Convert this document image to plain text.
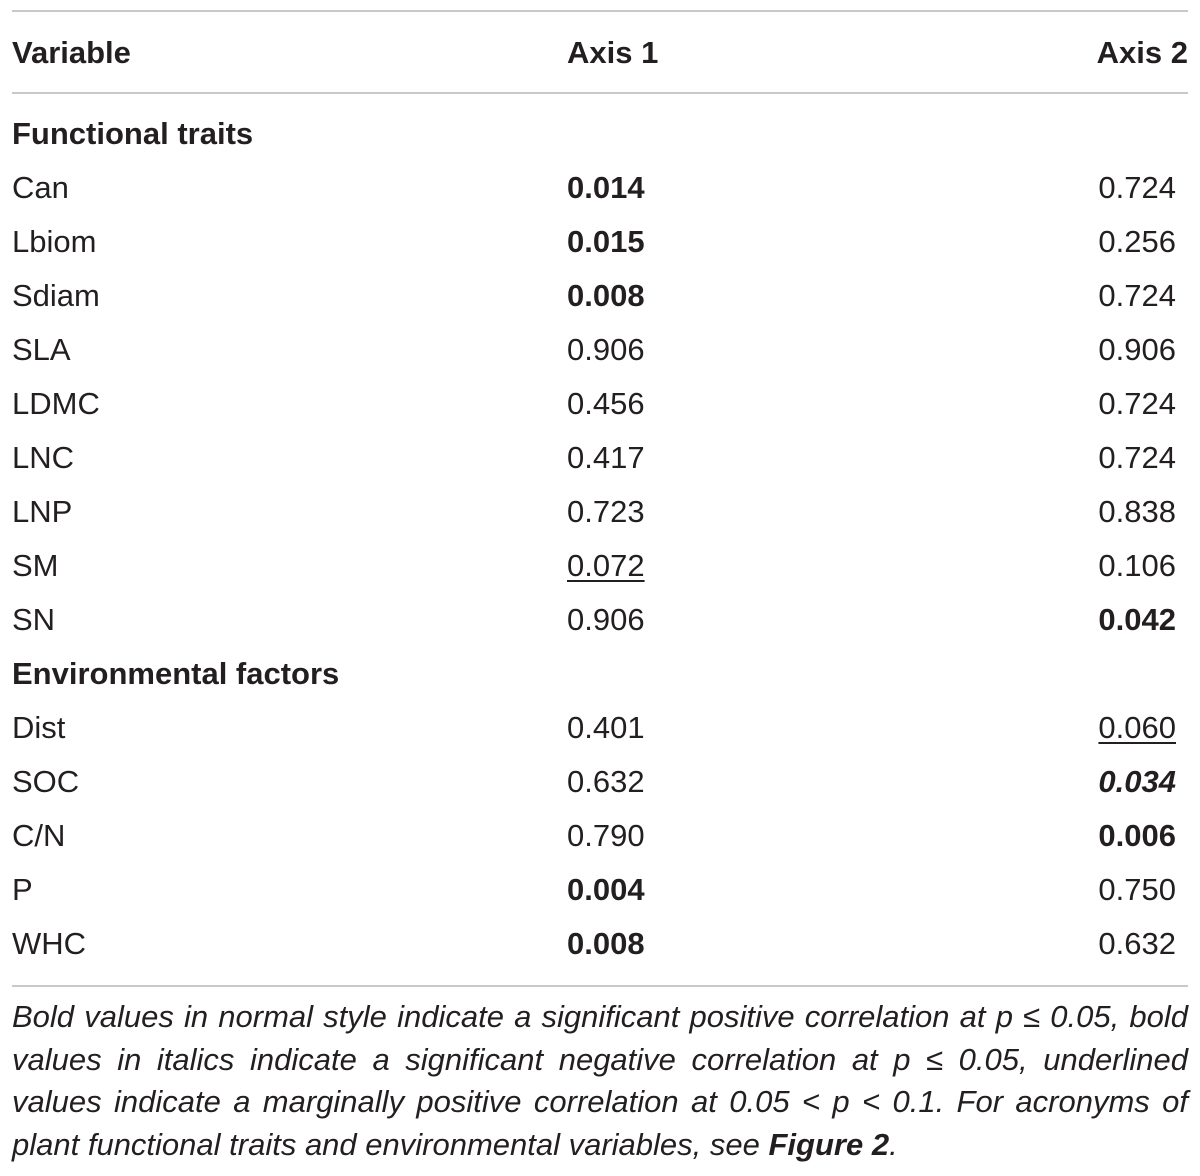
Variable	Axis 1	Axis 2
Functional traits
Can	0.014	0.724
Lbiom	0.015	0.256
Sdiam	0.008	0.724
SLA	0.906	0.906
LDMC	0.456	0.724
LNC	0.417	0.724
LNP	0.723	0.838
SM	0.072	0.106
SN	0.906	0.042
Environmental factors
Dist	0.401	0.060
SOC	0.632	0.034
C/N	0.790	0.006
P	0.004	0.750
WHC	0.008	0.632
Bold values in normal style indicate a significant positive correlation at p ≤ 0.05, bold values in italics indicate a significant negative correlation at p ≤ 0.05, underlined values indicate a marginally positive correlation at 0.05 < p < 0.1. For acronyms of plant functional traits and environmental variables, see Figure 2.
